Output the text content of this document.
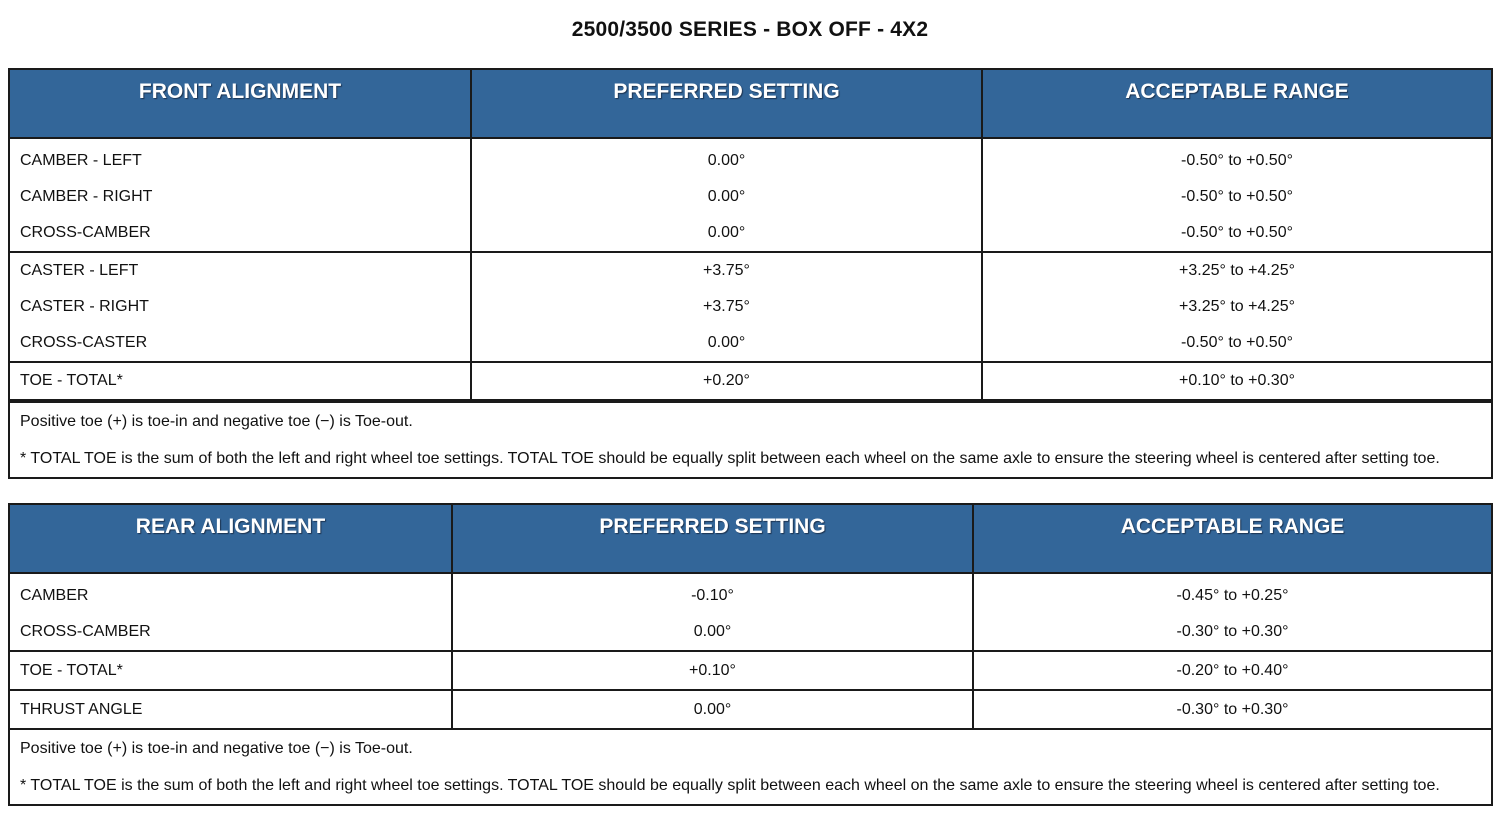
2500/3500 SERIES - BOX OFF - 4X2
FRONT ALIGNMENT	PREFERRED SETTING	ACCEPTABLE RANGE
CAMBER - LEFT	0.00°	-0.50° to +0.50°
CAMBER - RIGHT	0.00°	-0.50° to +0.50°
CROSS-CAMBER	0.00°	-0.50° to +0.50°
CASTER - LEFT	+3.75°	+3.25° to +4.25°
CASTER - RIGHT	+3.75°	+3.25° to +4.25°
CROSS-CASTER	0.00°	-0.50° to +0.50°
TOE - TOTAL*	+0.20°	+0.10° to +0.30°
Positive toe (+) is toe-in and negative toe (−) is Toe-out.		
* TOTAL TOE is the sum of both the left and right wheel toe settings. TOTAL TOE should be equally split between each wheel on the same axle to ensure the steering wheel is centered after setting toe.		
REAR ALIGNMENT	PREFERRED SETTING	ACCEPTABLE RANGE
CAMBER	-0.10°	-0.45° to +0.25°
CROSS-CAMBER	0.00°	-0.30° to +0.30°
TOE - TOTAL*	+0.10°	-0.20° to +0.40°
THRUST ANGLE	0.00°	-0.30° to +0.30°
Positive toe (+) is toe-in and negative toe (−) is Toe-out.		
* TOTAL TOE is the sum of both the left and right wheel toe settings. TOTAL TOE should be equally split between each wheel on the same axle to ensure the steering wheel is centered after setting toe.		
